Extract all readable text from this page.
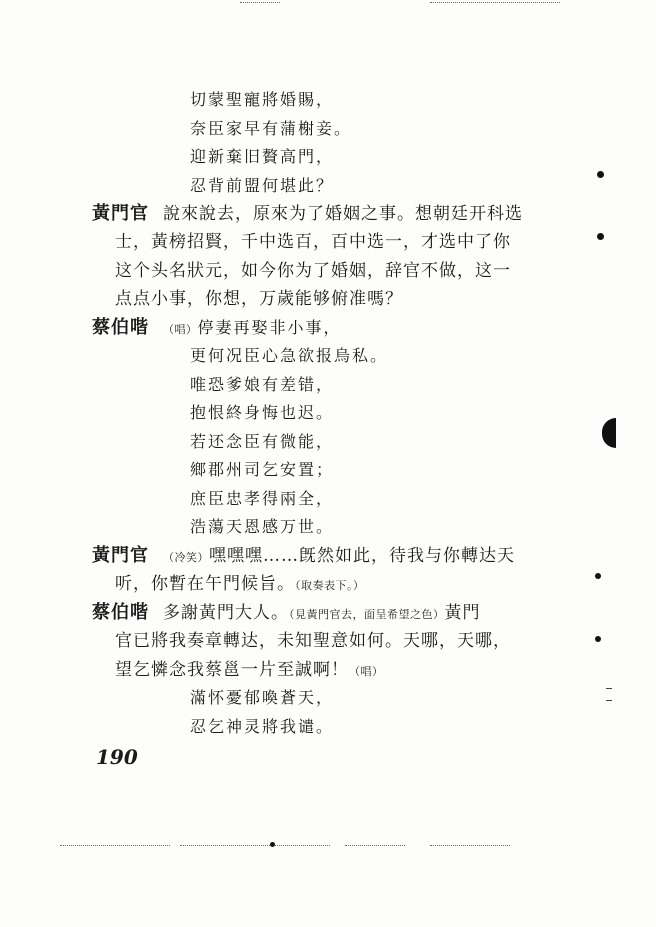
切蒙聖寵將婚賜，
奈臣家早有蒲榭妾。
迎新棄旧贅高門，
忍背前盟何堪此？
黃門官 說來說去，原來为了婚姻之事。想朝廷开科选
士，黃榜招賢，千中选百，百中选一，才选中了你
这个头名狀元，如今你为了婚姻，辞官不做，这一
点点小事，你想，万歲能够俯准嗎？
蔡伯喈 （唱）停妻再娶非小事，
更何况臣心急欲报烏私。
唯恐爹娘有差错，
抱恨終身悔也迟。
若还念臣有微能，
鄉郡州司乞安置；
庶臣忠孝得兩全，
浩蕩天恩感万世。
黃門官 （冷笑）嘿嘿嘿……旣然如此，待我与你轉达天
听，你暫在午門候旨。（取奏表下。）
蔡伯喈 多謝黃門大人。（見黃門官去，面呈希望之色）黃門
官已將我奏章轉达，未知聖意如何。天哪，天哪，
望乞憐念我蔡邕一片至誠啊！（唱）
滿怀憂郁喚蒼天，
忍乞神灵將我谴。
190
